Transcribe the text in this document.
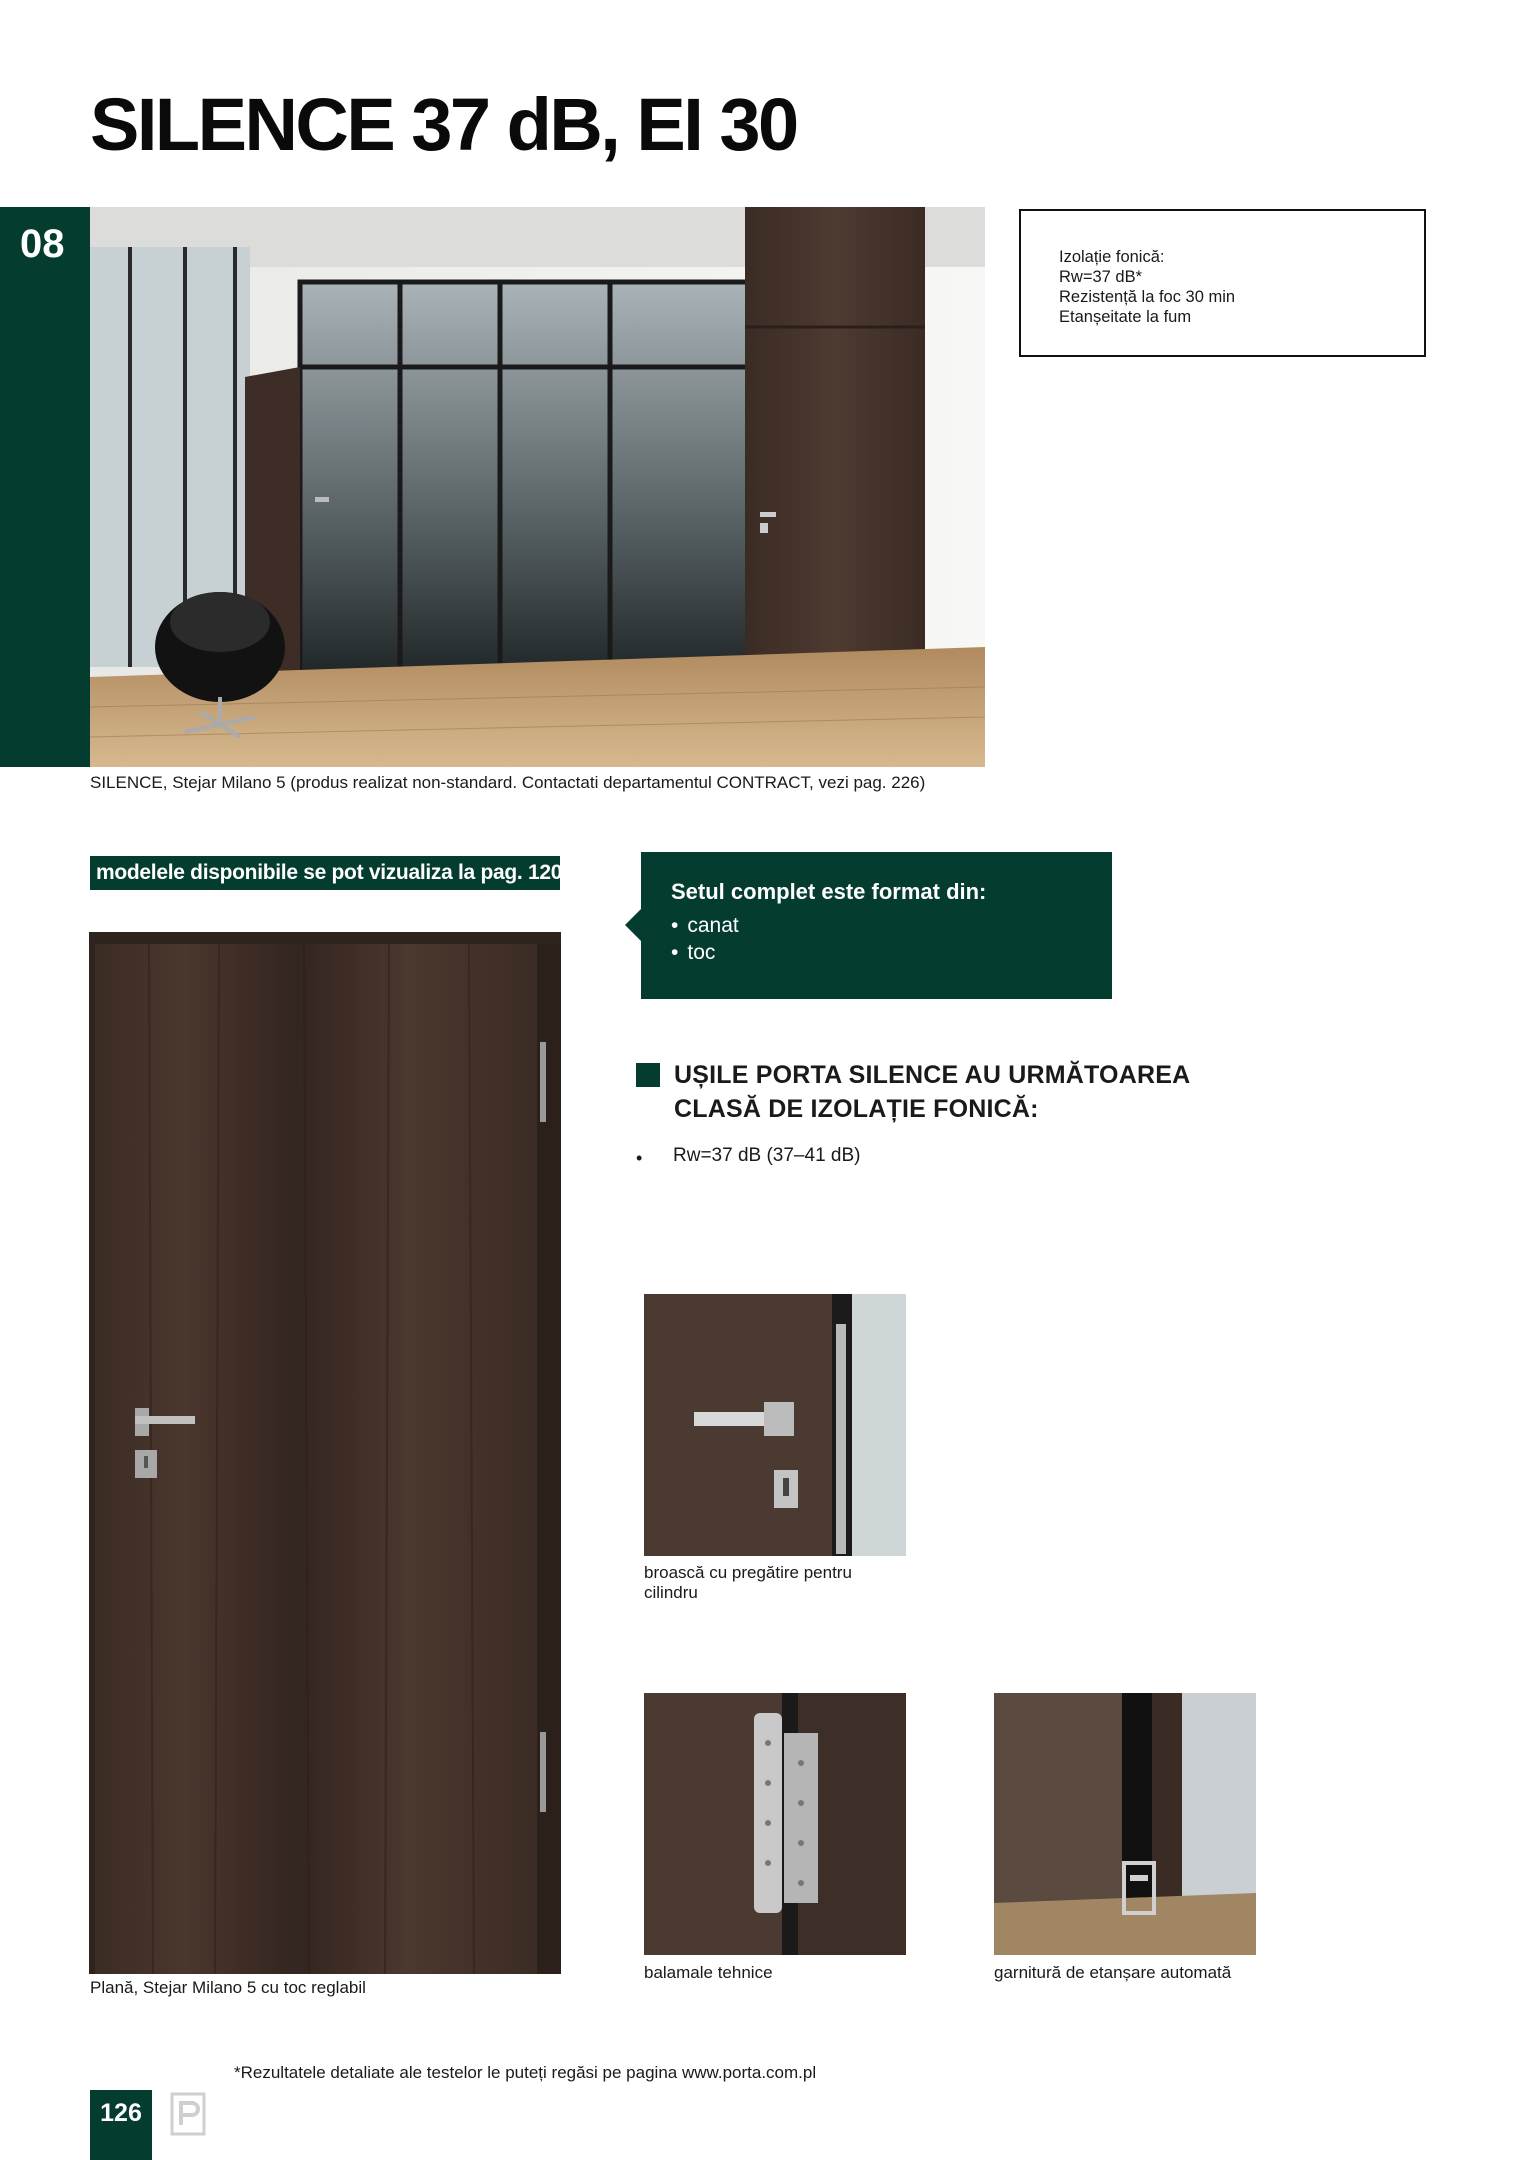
SILENCE 37 dB, EI 30
08
SILENCE, Stejar Milano 5 (produs realizat non-standard. Contactati departamentul CONTRACT, vezi pag. 226)
Izolație fonică:
Rw=37 dB*
Rezistență la foc 30 min
Etanșeitate la fum
modelele disponibile se pot vizualiza la pag. 120
Plană, Stejar Milano 5 cu toc reglabil
Setul complet este format din:
• canat
• toc
UȘILE PORTA SILENCE AU URMĂTOAREA CLASĂ DE IZOLAȚIE FONICĂ:
• Rw=37 dB (37–41 dB)
broască cu pregătire pentru cilindru
balamale tehnice	garnitură de etanșare automată
*Rezultatele detaliate ale testelor le puteți regăsi pe pagina www.porta.com.pl
126
